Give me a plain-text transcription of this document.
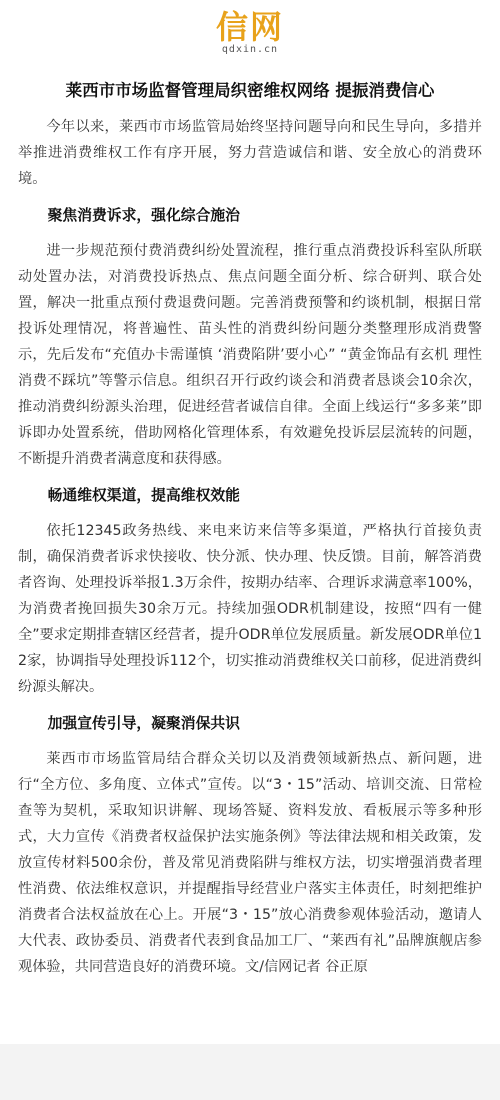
信网
qdxin.cn
莱西市市场监督管理局织密维权网络 提振消费信心

今年以来，莱西市市场监管局始终坚持问题导向和民生导向，多措并举推进消费维权工作有序开展，努力营造诚信和谐、安全放心的消费环境。

聚焦消费诉求，强化综合施治

进一步规范预付费消费纠纷处置流程，推行重点消费投诉科室队所联动处置办法，对消费投诉热点、焦点问题全面分析、综合研判、联合处置，解决一批重点预付费退费问题。完善消费预警和约谈机制，根据日常投诉处理情况，将普遍性、苗头性的消费纠纷问题分类整理形成消费警示，先后发布“充值办卡需谨慎 ‘消费陷阱’要小心” “黄金饰品有玄机 理性消费不踩坑”等警示信息。组织召开行政约谈会和消费者恳谈会10余次，推动消费纠纷源头治理，促进经营者诚信自律。全面上线运行“多多莱”即诉即办处置系统，借助网格化管理体系，有效避免投诉层层流转的问题，不断提升消费者满意度和获得感。

畅通维权渠道，提高维权效能

依托12345政务热线、来电来访来信等多渠道，严格执行首接负责制，确保消费者诉求快接收、快分派、快办理、快反馈。目前，解答消费者咨询、处理投诉举报1.3万余件，按期办结率、合理诉求满意率100%，为消费者挽回损失30余万元。持续加强ODR机制建设，按照“四有一健全”要求定期排查辖区经营者，提升ODR单位发展质量。新发展ODR单位12家，协调指导处理投诉112个，切实推动消费维权关口前移，促进消费纠纷源头解决。

加强宣传引导，凝聚消保共识

莱西市市场监管局结合群众关切以及消费领域新热点、新问题，进行“全方位、多角度、立体式”宣传。以“3・15”活动、培训交流、日常检查等为契机，采取知识讲解、现场答疑、资料发放、看板展示等多种形式，大力宣传《消费者权益保护法实施条例》等法律法规和相关政策，发放宣传材料500余份，普及常见消费陷阱与维权方法，切实增强消费者理性消费、依法维权意识，并提醒指导经营业户落实主体责任，时刻把维护消费者合法权益放在心上。开展“3・15”放心消费参观体验活动，邀请人大代表、政协委员、消费者代表到食品加工厂、“莱西有礼”品牌旗舰店参观体验，共同营造良好的消费环境。文/信网记者 谷正原
